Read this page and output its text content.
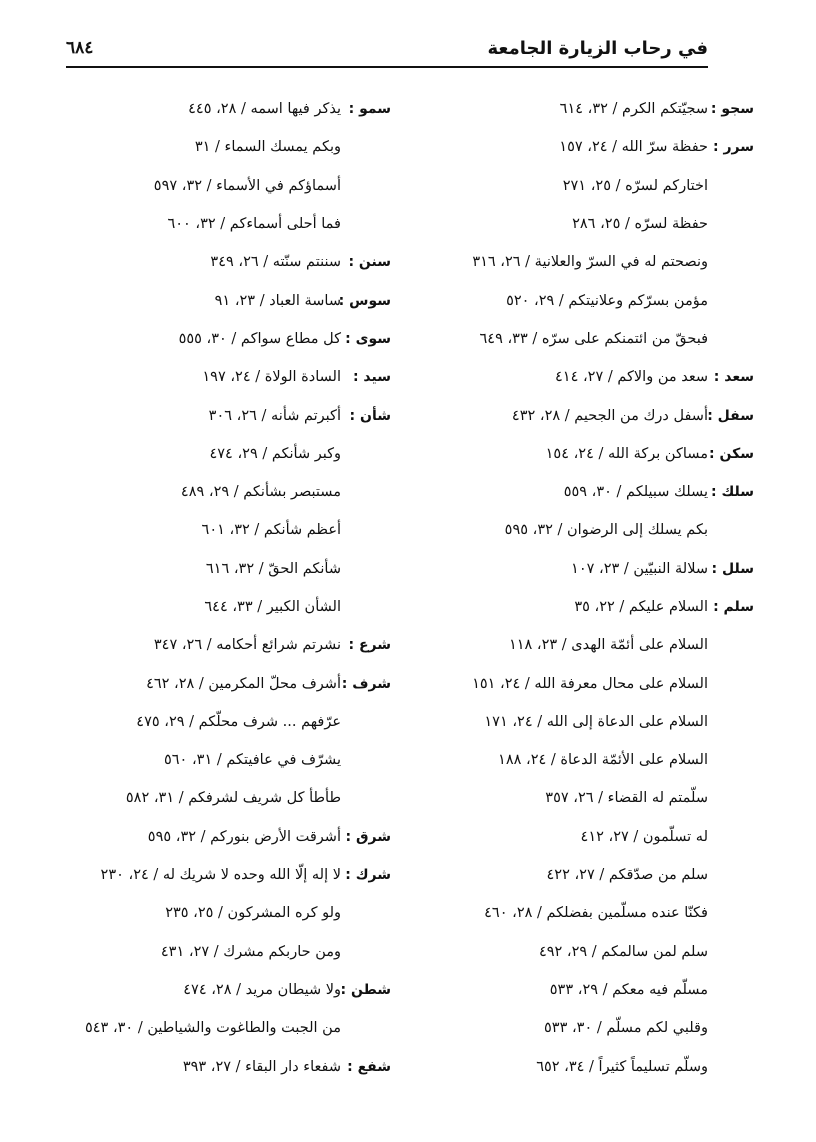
في رحاب الزيارة الجامعة
٦٨٤
سجو :
سجيّتكم الكرم / ٣٢، ٦١٤
سرر :
حفظة سرّ الله / ٢٤، ١٥٧
اختاركم لسرّه / ٢٥، ٢٧١
حفظة لسرّه / ٢٥، ٢٨٦
ونصحتم له في السرّ والعلانية / ٢٦، ٣١٦
مؤمن بسرّكم وعلانيتكم / ٢٩، ٥٢٠
فبحقّ من ائتمنكم على سرّه / ٣٣، ٦٤٩
سعد :
سعد من والاكم / ٢٧، ٤١٤
سفل :
أسفل درك من الجحيم / ٢٨، ٤٣٢
سكن :
مساكن بركة الله / ٢٤، ١٥٤
سلك :
يسلك سبيلكم / ٣٠، ٥٥٩
بكم يسلك إلى الرضوان / ٣٢، ٥٩٥
سلل :
سلالة النبيّين / ٢٣، ١٠٧
سلم :
السلام عليكم / ٢٢، ٣٥
السلام على أئمّة الهدى / ٢٣، ١١٨
السلام على محال معرفة الله / ٢٤، ١٥١
السلام على الدعاة إلى الله / ٢٤، ١٧١
السلام على الأئمّة الدعاة / ٢٤، ١٨٨
سلّمتم له القضاء / ٢٦، ٣٥٧
له تسلّمون / ٢٧، ٤١٢
سلم من صدّقكم / ٢٧، ٤٢٢
فكنّا عنده مسلّمين بفضلكم / ٢٨، ٤٦٠
سلم لمن سالمكم / ٢٩، ٤٩٢
مسلّم فيه معكم / ٢٩، ٥٣٣
وقلبي لكم مسلّم / ٣٠، ٥٣٣
وسلّم تسليماً كثيراً / ٣٤، ٦٥٢
سمو :
يذكر فيها اسمه / ٢٨، ٤٤٥
وبكم يمسك السماء / ٣١
أسماؤكم في الأسماء / ٣٢، ٥٩٧
فما أحلى أسماءكم / ٣٢، ٦٠٠
سنن :
سننتم سنّته / ٢٦، ٣٤٩
سوس :
ساسة العباد / ٢٣، ٩١
سوى :
كل مطاع سواكم / ٣٠، ٥٥٥
سيد :
السادة الولاة / ٢٤، ١٩٧
شأن :
أكبرتم شأنه / ٢٦، ٣٠٦
وكبر شأنكم / ٢٩، ٤٧٤
مستبصر بشأنكم / ٢٩، ٤٨٩
أعظم شأنكم / ٣٢، ٦٠١
شأنكم الحقّ / ٣٢، ٦١٦
الشأن الكبير / ٣٣، ٦٤٤
شرع :
نشرتم شرائع أحكامه / ٢٦، ٣٤٧
شرف :
أشرف محلّ المكرمين / ٢٨، ٤٦٢
عرّفهم ... شرف محلّكم / ٢٩، ٤٧٥
يشرّف في عافيتكم / ٣١، ٥٦٠
طأطأ كل شريف لشرفكم / ٣١، ٥٨٢
شرق :
أشرقت الأرض بنوركم / ٣٢، ٥٩٥
شرك :
لا إله إلّا الله وحده لا شريك له / ٢٤، ٢٣٠
ولو كره المشركون / ٢٥، ٢٣٥
ومن حاربكم مشرك / ٢٧، ٤٣١
شطن :
ولا شيطان مريد / ٢٨، ٤٧٤
من الجبت والطاغوت والشياطين / ٣٠، ٥٤٣
شفع :
شفعاء دار البقاء / ٢٧، ٣٩٣
